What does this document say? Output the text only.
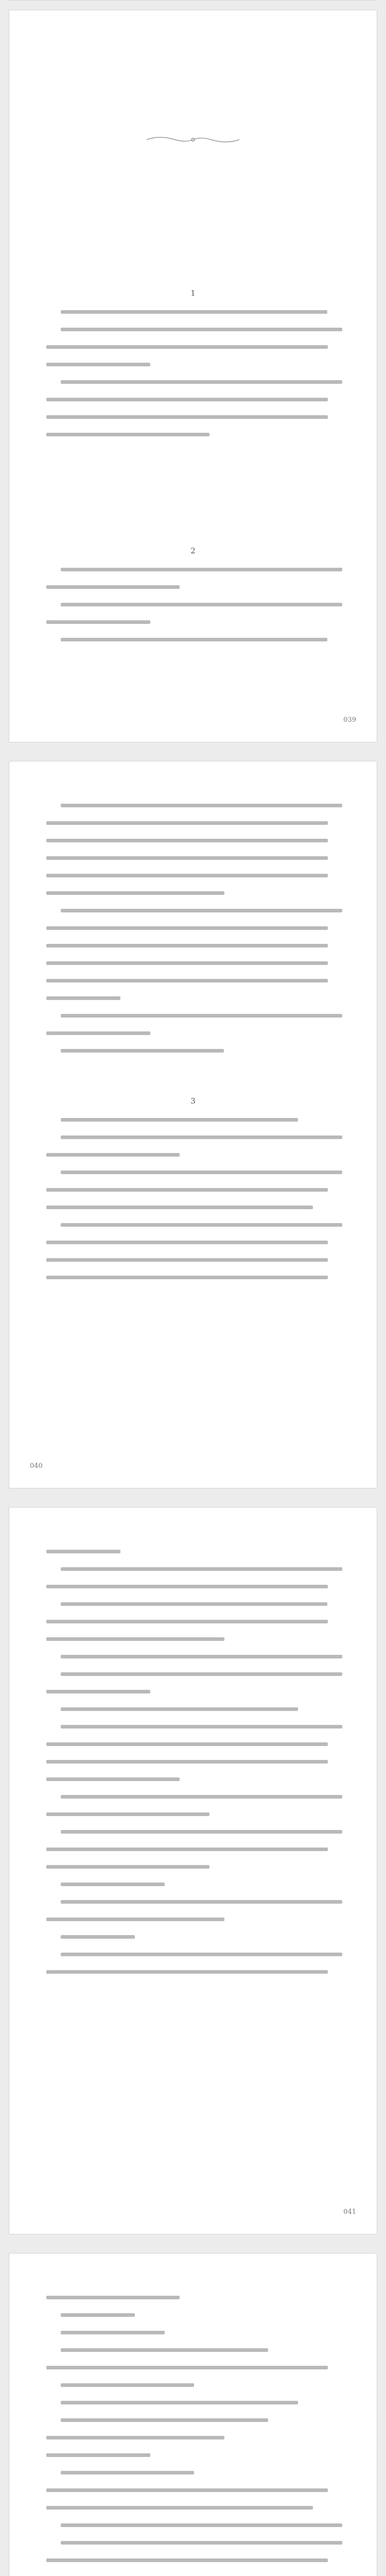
1

2

039

3

040
041
